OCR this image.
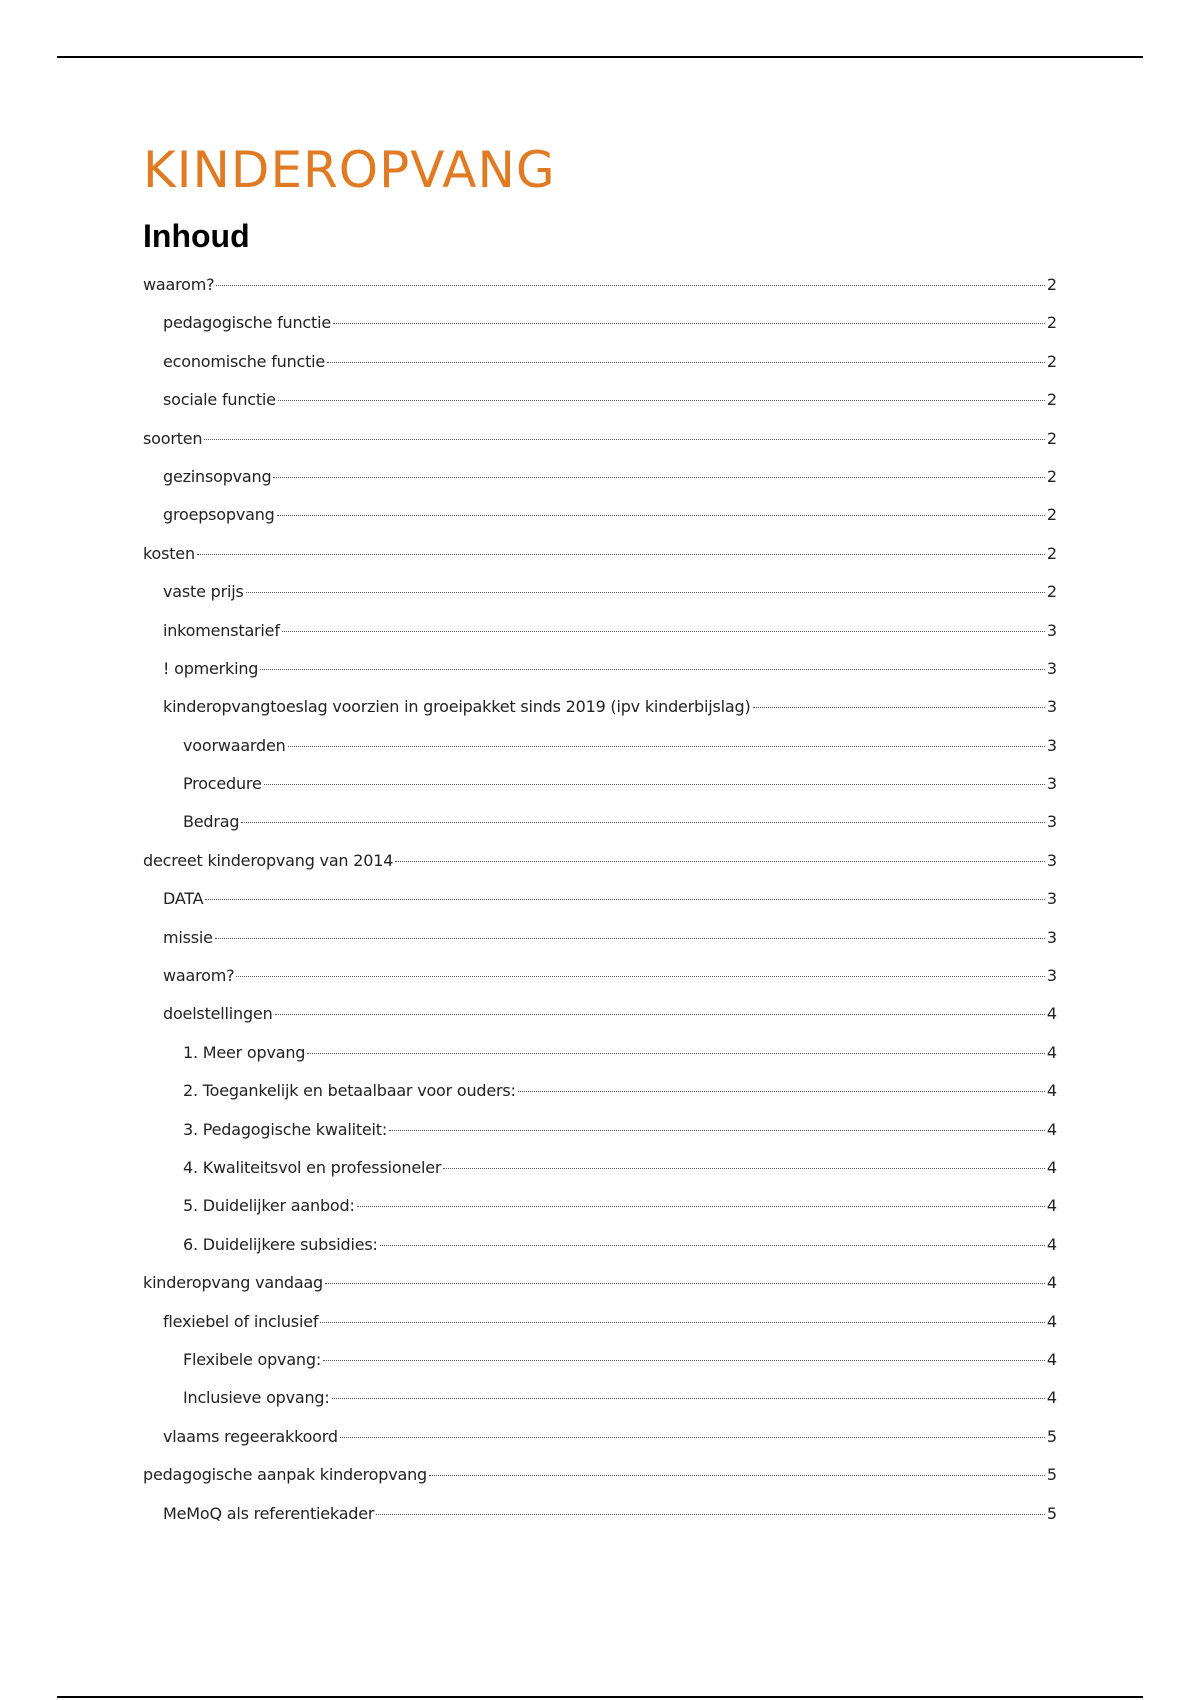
KINDEROPVANG
Inhoud
waarom?	2
pedagogische functie	2
economische functie	2
sociale functie	2
soorten	2
gezinsopvang	2
groepsopvang	2
kosten	2
vaste prijs	2
inkomenstarief	3
! opmerking	3
kinderopvangtoeslag voorzien in groeipakket sinds 2019 (ipv kinderbijslag)	3
voorwaarden	3
Procedure	3
Bedrag	3
decreet kinderopvang van 2014	3
DATA	3
missie	3
waarom?	3
doelstellingen	4
1. Meer opvang	4
2. Toegankelijk en betaalbaar voor ouders:	4
3. Pedagogische kwaliteit:	4
4. Kwaliteitsvol en professioneler	4
5. Duidelijker aanbod:	4
6. Duidelijkere subsidies:	4
kinderopvang vandaag	4
flexiebel of inclusief	4
Flexibele opvang:	4
Inclusieve opvang:	4
vlaams regeerakkoord	5
pedagogische aanpak kinderopvang	5
MeMoQ als referentiekader	5
